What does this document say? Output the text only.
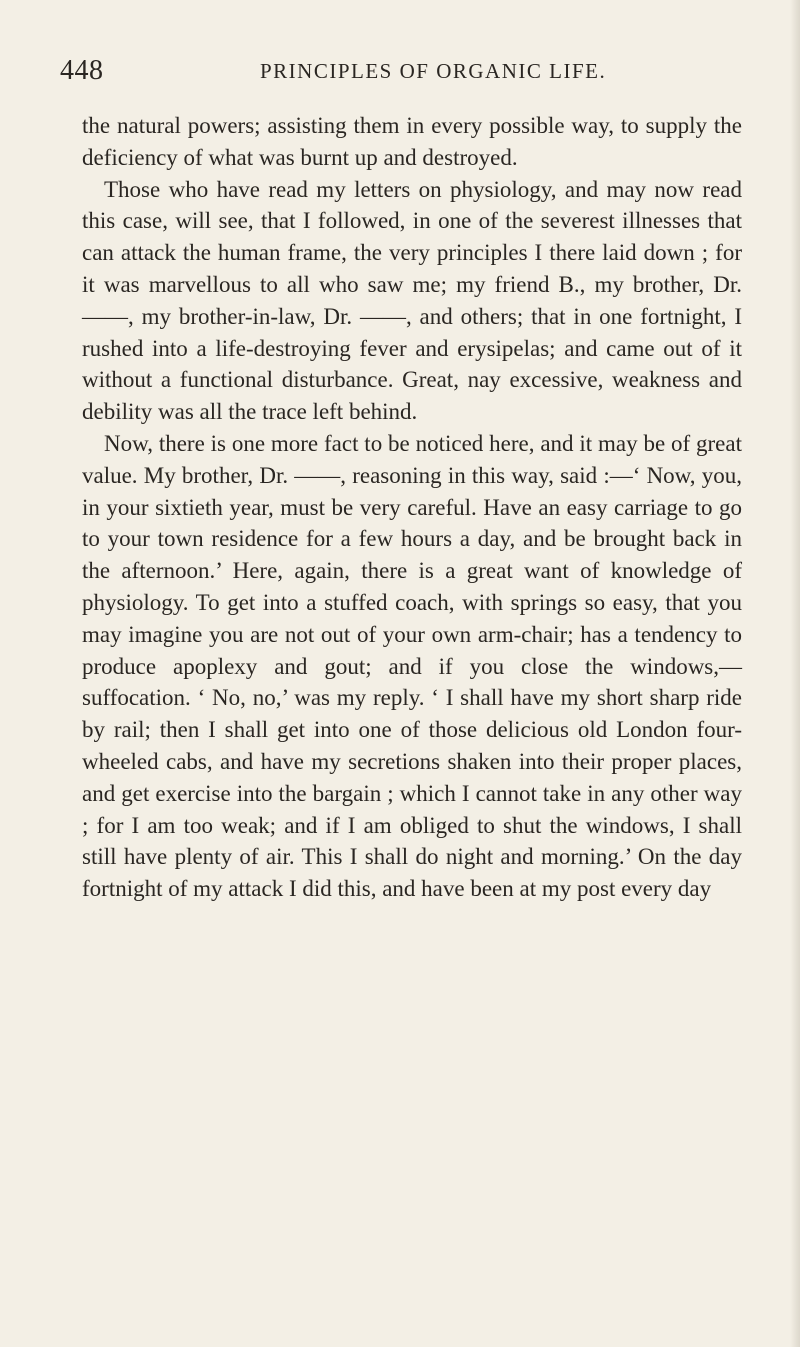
448	PRINCIPLES OF ORGANIC LIFE.

the natural powers; assisting them in every possible way, to supply the deficiency of what was burnt up and destroyed.

Those who have read my letters on physiology, and may now read this case, will see, that I followed, in one of the severest illnesses that can attack the human frame, the very principles I there laid down ; for it was marvellous to all who saw me; my friend B., my brother, Dr. ——, my brother-in-law, Dr. ——, and others; that in one fortnight, I rushed into a life-destroying fever and erysipelas; and came out of it without a functional disturbance. Great, nay excessive, weakness and debility was all the trace left behind.

Now, there is one more fact to be noticed here, and it may be of great value. My brother, Dr. ——, reasoning in this way, said :—‘ Now, you, in your sixtieth year, must be very careful. Have an easy carriage to go to your town residence for a few hours a day, and be brought back in the afternoon.’ Here, again, there is a great want of knowledge of physiology. To get into a stuffed coach, with springs so easy, that you may imagine you are not out of your own arm-chair; has a tendency to produce apoplexy and gout; and if you close the windows,—suffocation. ‘ No, no,’ was my reply. ‘ I shall have my short sharp ride by rail; then I shall get into one of those delicious old London four-wheeled cabs, and have my secretions shaken into their proper places, and get exercise into the bargain ; which I cannot take in any other way ; for I am too weak; and if I am obliged to shut the windows, I shall still have plenty of air. This I shall do night and morning.’ On the day fortnight of my attack I did this, and have been at my post every day
